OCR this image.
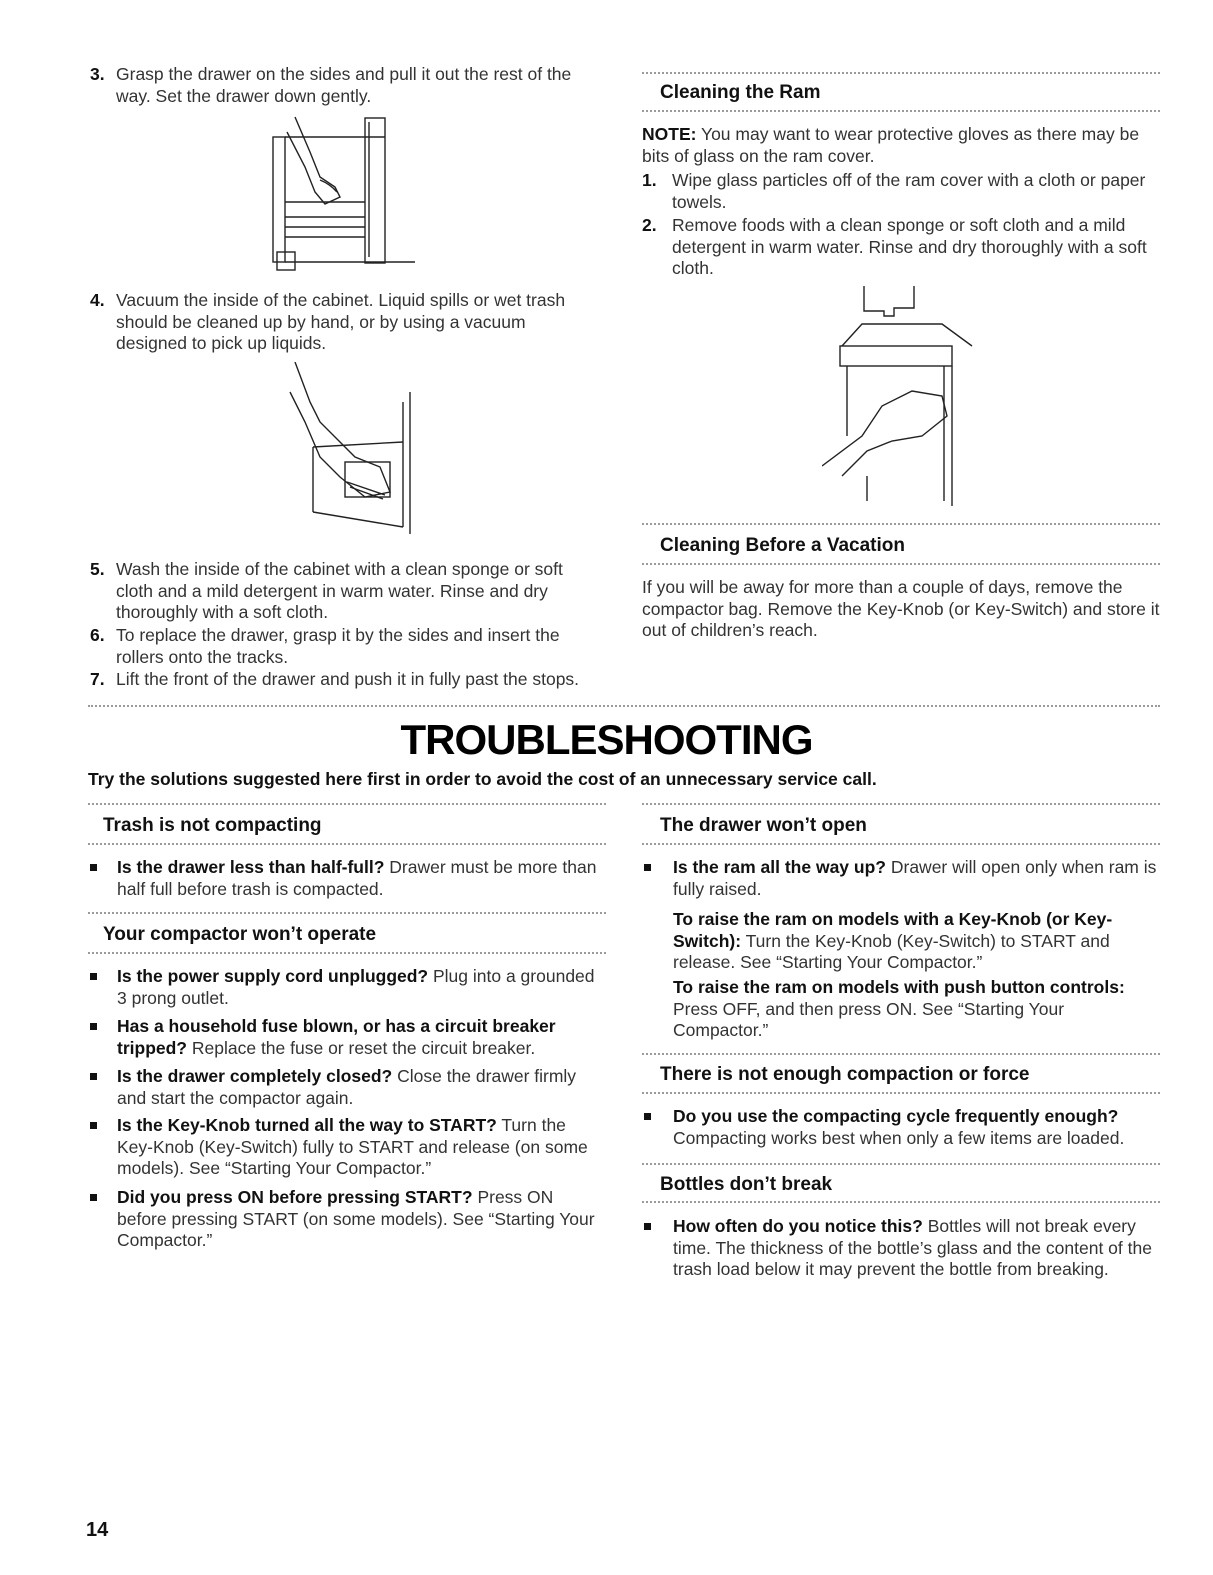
3. Grasp the drawer on the sides and pull it out the rest of the way. Set the drawer down gently.
4. Vacuum the inside of the cabinet. Liquid spills or wet trash should be cleaned up by hand, or by using a vacuum designed to pick up liquids.
5. Wash the inside of the cabinet with a clean sponge or soft cloth and a mild detergent in warm water. Rinse and dry thoroughly with a soft cloth.
6. To replace the drawer, grasp it by the sides and insert the rollers onto the tracks.
7. Lift the front of the drawer and push it in fully past the stops.
Cleaning the Ram
NOTE: You may want to wear protective gloves as there may be bits of glass on the ram cover.
1. Wipe glass particles off of the ram cover with a cloth or paper towels.
2. Remove foods with a clean sponge or soft cloth and a mild detergent in warm water. Rinse and dry thoroughly with a soft cloth.
Cleaning Before a Vacation
If you will be away for more than a couple of days, remove the compactor bag. Remove the Key-Knob (or Key-Switch) and store it out of children’s reach.
TROUBLESHOOTING
Try the solutions suggested here first in order to avoid the cost of an unnecessary service call.
Trash is not compacting
Is the drawer less than half-full? Drawer must be more than half full before trash is compacted.
Your compactor won’t operate
Is the power supply cord unplugged? Plug into a grounded 3 prong outlet.
Has a household fuse blown, or has a circuit breaker tripped? Replace the fuse or reset the circuit breaker.
Is the drawer completely closed? Close the drawer firmly and start the compactor again.
Is the Key-Knob turned all the way to START? Turn the Key-Knob (Key-Switch) fully to START and release (on some models). See “Starting Your Compactor.”
Did you press ON before pressing START? Press ON before pressing START (on some models). See “Starting Your Compactor.”
The drawer won’t open
Is the ram all the way up? Drawer will open only when ram is fully raised.
To raise the ram on models with a Key-Knob (or Key-Switch): Turn the Key-Knob (Key-Switch) to START and release. See “Starting Your Compactor.”
To raise the ram on models with push button controls: Press OFF, and then press ON. See “Starting Your Compactor.”
There is not enough compaction or force
Do you use the compacting cycle frequently enough? Compacting works best when only a few items are loaded.
Bottles don’t break
How often do you notice this? Bottles will not break every time. The thickness of the bottle’s glass and the content of the trash load below it may prevent the bottle from breaking.
14
